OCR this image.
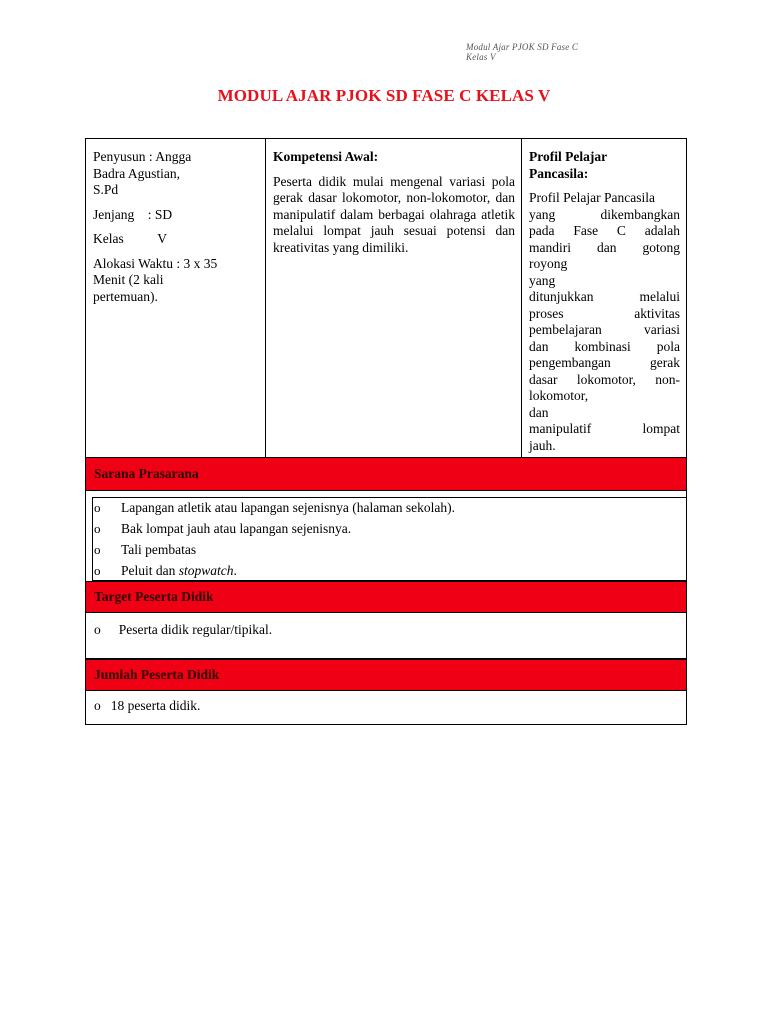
Modul Ajar PJOK SD Fase C
Kelas V
MODUL AJAR PJOK SD FASE C KELAS V

Penyusun : Angga

Badra Agustian,

S.Pd

Jenjang    : SD

Kelas          V

Alokasi Waktu : 3 x 35

Menit (2 kali

pertemuan).

Kompetensi Awal:

Peserta didik mulai mengenal variasi pola gerak dasar lokomotor, non-lokomotor, dan manipulatif dalam berbagai olahraga atletik melalui lompat jauh sesuai potensi dan kreativitas yang dimiliki.

Profil Pelajar

Pancasila:

Profil Pelajar Pancasila
yang dikembangkan
pada Fase C adalah
mandiri dan gotong
royong
yang
ditunjukkan melalui
proses aktivitas
pembelajaran variasi
dan kombinasi pola
pengembangan gerak
dasar lokomotor, non-
lokomotor,
dan
manipulatif lompat
jauh.
Sarana Prasarana
o Lapangan atletik atau lapangan sejenisnya (halaman sekolah).
o Bak lompat jauh atau lapangan sejenisnya.
o Tali pembatas
o Peluit dan stopwatch.
Target Peserta Didik
o Peserta didik regular/tipikal.
Jumlah Peserta Didik
o 18 peserta didik.
